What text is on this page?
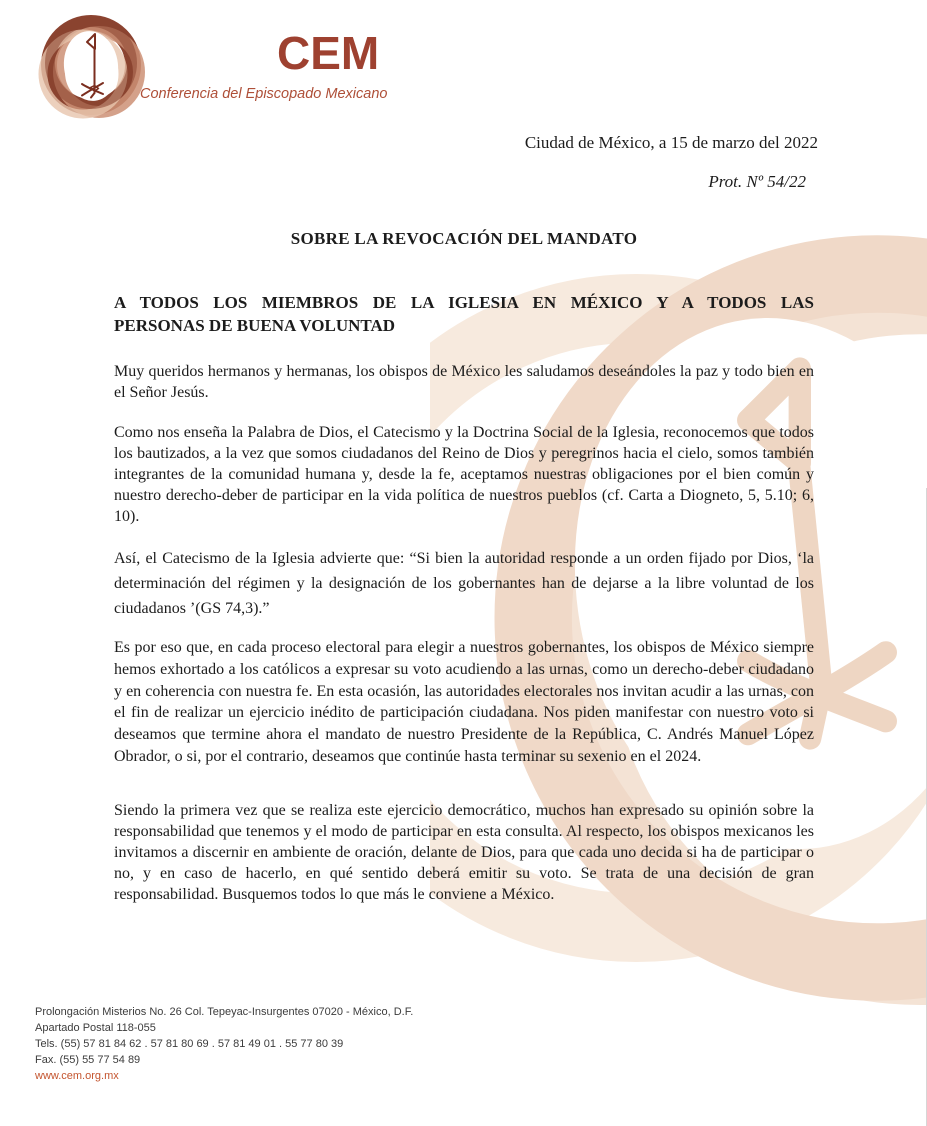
CEM
Conferencia del Episcopado Mexicano
Ciudad de México, a 15 de marzo del 2022
Prot. Nº 54/22
SOBRE LA REVOCACIÓN DEL MANDATO
A TODOS LOS MIEMBROS DE LA IGLESIA EN MÉXICO Y A TODOS LAS
PERSONAS DE BUENA VOLUNTAD

Muy queridos hermanos y hermanas, los obispos de México les saludamos deseándoles la paz y todo bien en el Señor Jesús.

Como nos enseña la Palabra de Dios, el Catecismo y la Doctrina Social de la Iglesia, reconocemos que todos los bautizados, a la vez que somos ciudadanos del Reino de Dios y peregrinos hacia el cielo, somos también integrantes de la comunidad humana y, desde la fe, aceptamos nuestras obligaciones por el bien común y nuestro derecho-deber de participar en la vida política de nuestros pueblos (cf. Carta a Diogneto, 5, 5.10; 6, 10).

Así, el Catecismo de la Iglesia advierte que: “Si bien la autoridad responde a un orden fijado por Dios, ‘la determinación del régimen y la designación de los gobernantes han de dejarse a la libre voluntad de los ciudadanos ’(GS 74,3).”

Es por eso que, en cada proceso electoral para elegir a nuestros gobernantes, los obispos de México siempre hemos exhortado a los católicos a expresar su voto acudiendo a las urnas, como un derecho-deber ciudadano y en coherencia con nuestra fe. En esta ocasión, las autoridades electorales nos invitan acudir a las urnas, con el fin de realizar un ejercicio inédito de participación ciudadana. Nos piden manifestar con nuestro voto si deseamos que termine ahora el mandato de nuestro Presidente de la República, C. Andrés Manuel López Obrador, o si, por el contrario, deseamos que continúe hasta terminar su sexenio en el 2024.

Siendo la primera vez que se realiza este ejercicio democrático, muchos han expresado su opinión sobre la responsabilidad que tenemos y el modo de participar en esta consulta. Al respecto, los obispos mexicanos les invitamos a discernir en ambiente de oración, delante de Dios, para que cada uno decida si ha de participar o no, y en caso de hacerlo, en qué sentido deberá emitir su voto. Se trata de una decisión de gran responsabilidad. Busquemos todos lo que más le conviene a México.

Prolongación Misterios No. 26 Col. Tepeyac-Insurgentes 07020 - México, D.F.
Apartado Postal 118-055
Tels. (55) 57 81 84 62 . 57 81 80 69 . 57 81 49 01 . 55 77 80 39
Fax. (55) 55 77 54 89
www.cem.org.mx
